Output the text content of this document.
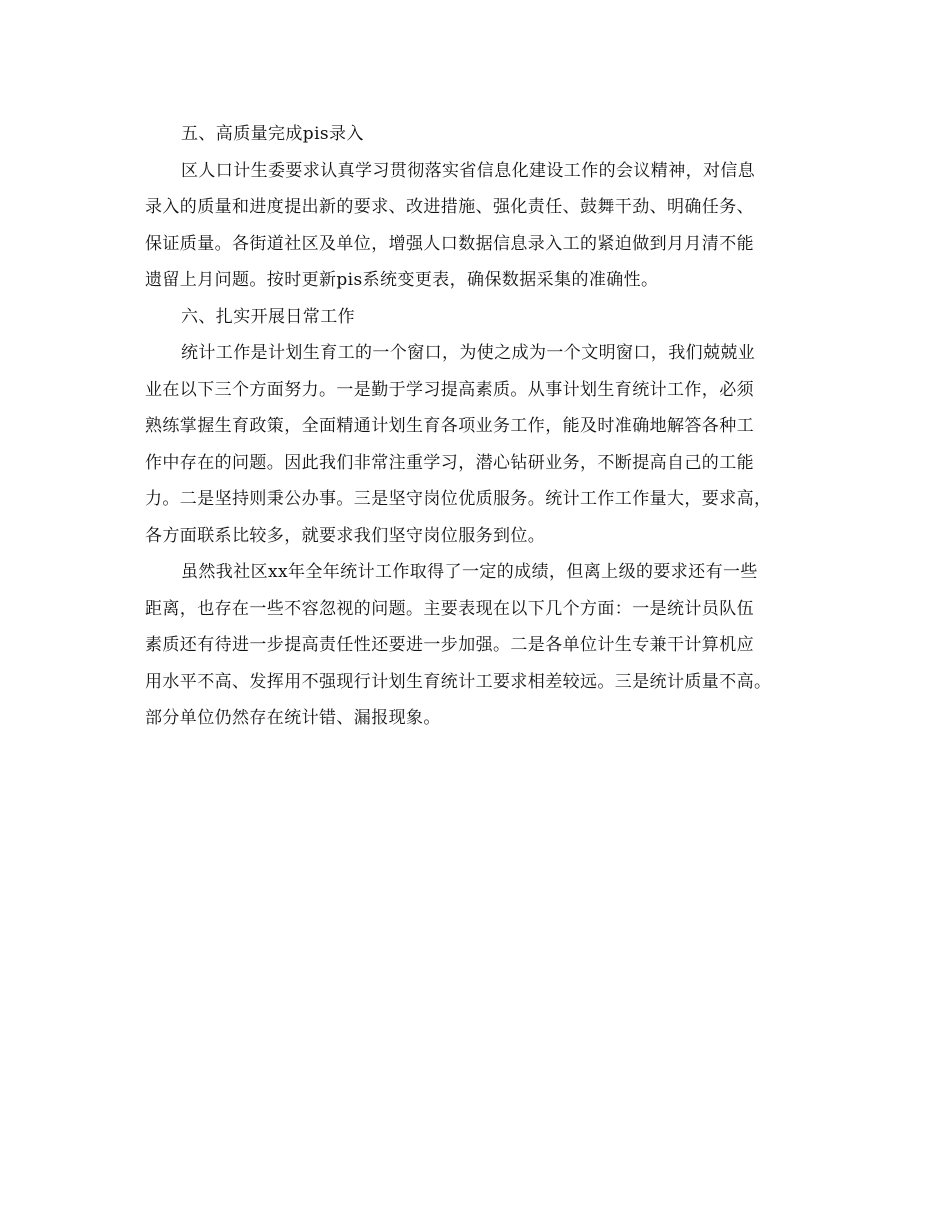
五、高质量完成pis录入
区人口计生委要求认真学习贯彻落实省信息化建设工作的会议精神，对信息
录入的质量和进度提出新的要求、改进措施、强化责任、鼓舞干劲、明确任务、
保证质量。各街道社区及单位，增强人口数据信息录入工的紧迫做到月月清不能
遗留上月问题。按时更新pis系统变更表，确保数据采集的准确性。
六、扎实开展日常工作
统计工作是计划生育工的一个窗口，为使之成为一个文明窗口，我们兢兢业
业在以下三个方面努力。一是勤于学习提高素质。从事计划生育统计工作，必须
熟练掌握生育政策，全面精通计划生育各项业务工作，能及时准确地解答各种工
作中存在的问题。因此我们非常注重学习，潜心钻研业务，不断提高自己的工能
力。二是坚持则秉公办事。三是坚守岗位优质服务。统计工作工作量大，要求高，
各方面联系比较多，就要求我们坚守岗位服务到位。
虽然我社区xx年全年统计工作取得了一定的成绩，但离上级的要求还有一些
距离，也存在一些不容忽视的问题。主要表现在以下几个方面：一是统计员队伍
素质还有待进一步提高责任性还要进一步加强。二是各单位计生专兼干计算机应
用水平不高、发挥用不强现行计划生育统计工要求相差较远。三是统计质量不高。
部分单位仍然存在统计错、漏报现象。
